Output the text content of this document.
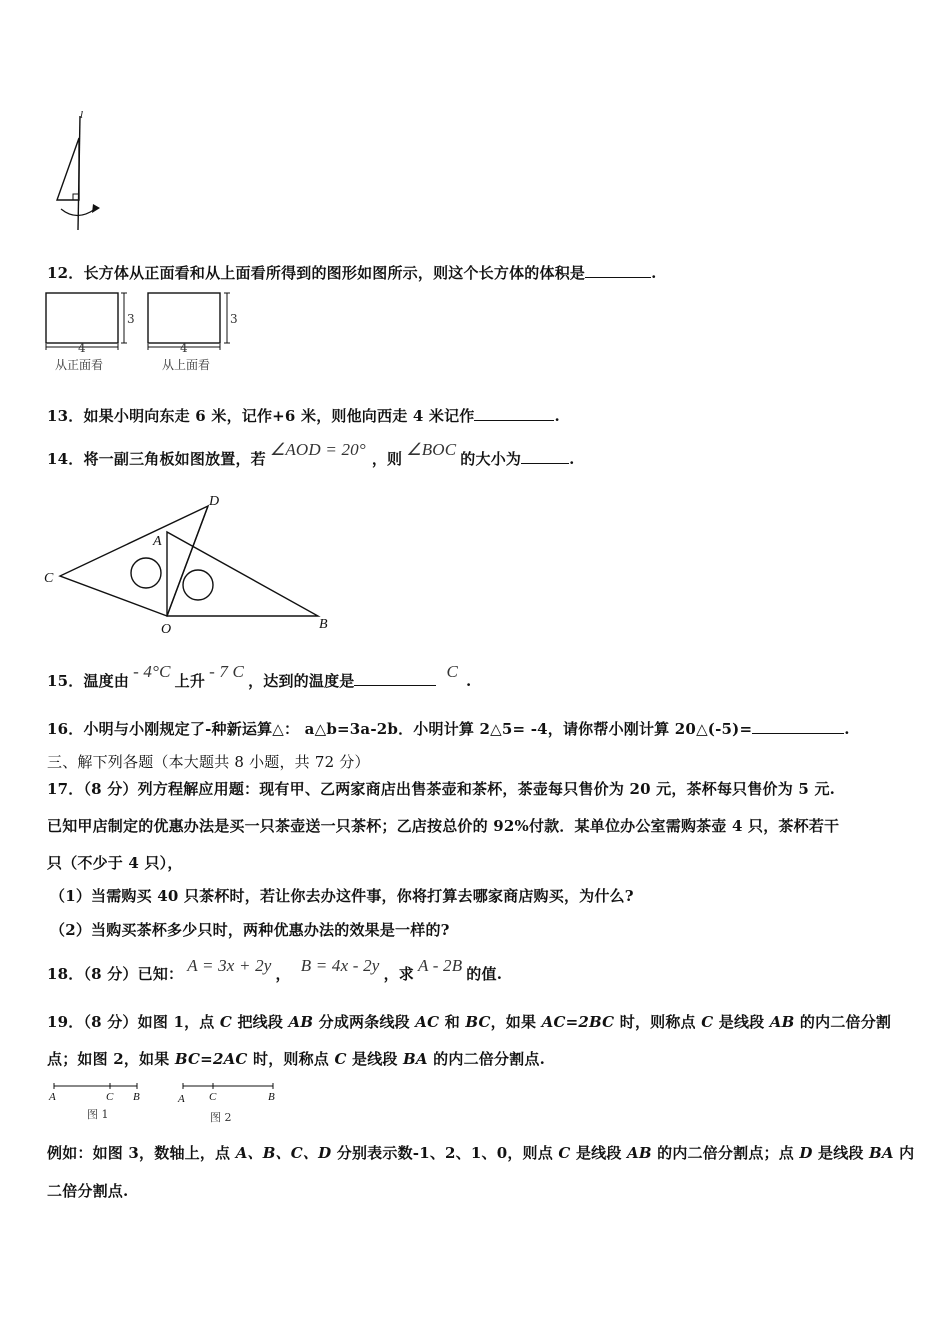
l
12．长方体从正面看和从上面看所得到的图形如图所示，则这个长方体的体积是	.
3
4
从正面看
3
4
从上面看
13．如果小明向东走 6 米，记作+6 米，则他向西走 4 米记作	.
14．将一副三角板如图放置，若 ∠AOD = 20° ，则 ∠BOC 的大小为	.
D
A
C
O	B
15．温度由 - 4°C 上升 - 7 C ，达到的温度是	C .
16．小明与小刚规定了-种新运算△： a△b=3a-2b．小明计算 2△5= -4，请你帮小刚计算 20△(-5)=	.
三、解下列各题（本大题共 8 小题，共 72 分）
17．（8 分）列方程解应用题：现有甲、乙两家商店出售茶壶和茶杯，茶壶每只售价为 20 元，茶杯每只售价为 5 元.
已知甲店制定的优惠办法是买一只茶壶送一只茶杯；乙店按总价的 92%付款．某单位办公室需购茶壶 4 只，茶杯若干
只（不少于 4 只），
（1）当需购买 40 只茶杯时，若让你去办这件事，你将打算去哪家商店购买，为什么?
（2）当购买茶杯多少只时，两种优惠办法的效果是一样的?
18．（8 分）已知： A = 3x + 2y ， B = 4x - 2y ，求 A - 2B 的值.
19．（8 分）如图 1，点 C 把线段 AB 分成两条线段 AC 和 BC，如果 AC=2BC 时，则称点 C 是线段 AB 的内二倍分割
点；如图 2，如果 BC=2AC 时，则称点 C 是线段 BA 的内二倍分割点.
A	C B
图 1
A C	B
图 2
例如：如图 3，数轴上，点 A、B、C、D 分别表示数-1、2、1、0，则点 C 是线段 AB 的内二倍分割点；点 D 是线段 BA 内
二倍分割点.
